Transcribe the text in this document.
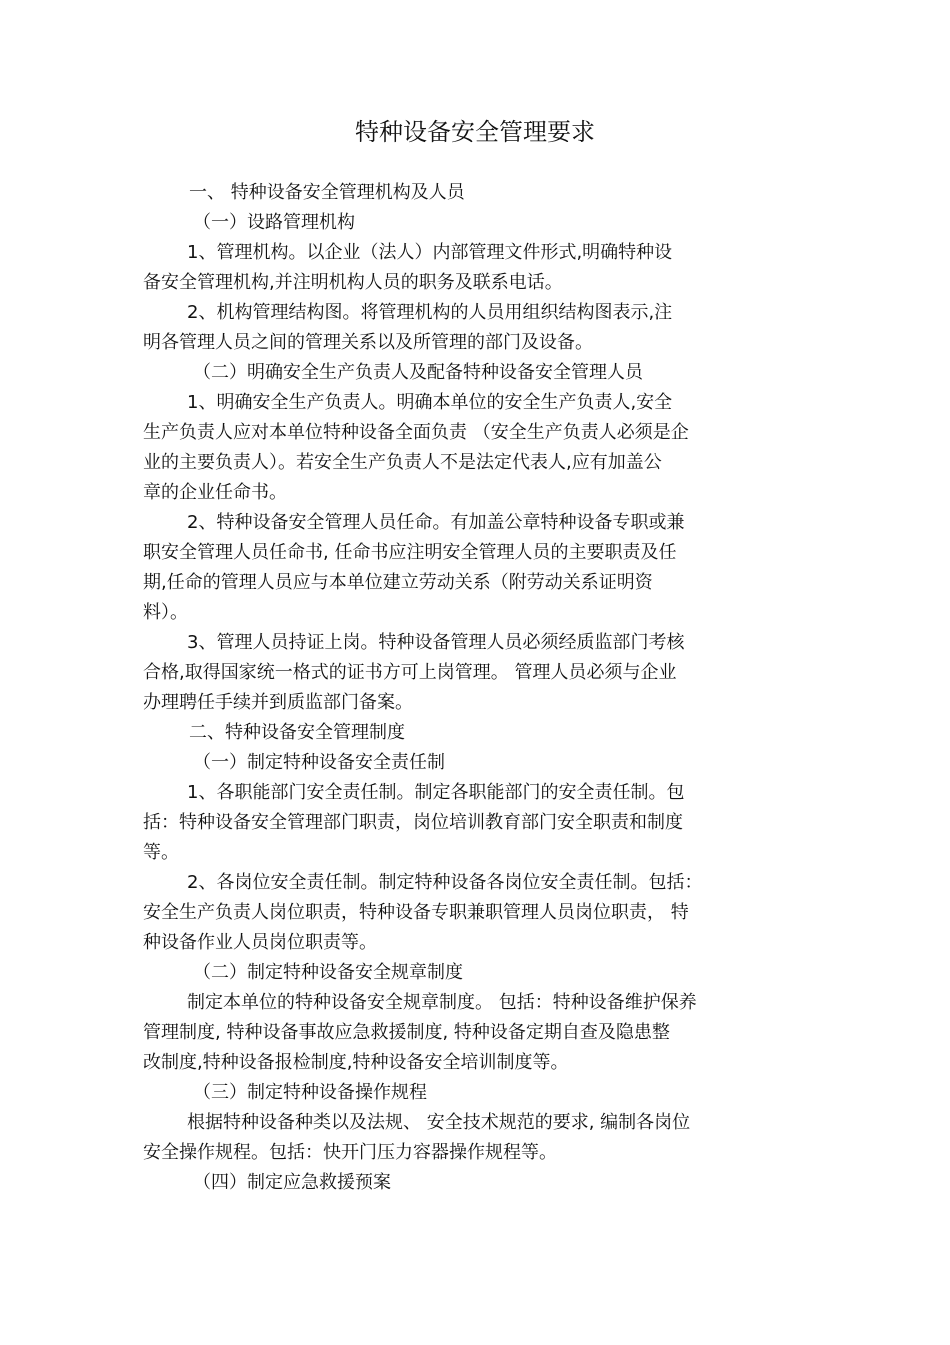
特种设备安全管理要求
一、 特种设备安全管理机构及人员
（一）设路管理机构
1、管理机构。以企业（法人）内部管理文件形式,明确特种设
备安全管理机构,并注明机构人员的职务及联系电话。
2、机构管理结构图。将管理机构的人员用组织结构图表示,注
明各管理人员之间的管理关系以及所管理的部门及设备。
（二）明确安全生产负责人及配备特种设备安全管理人员
1、明确安全生产负责人。明确本单位的安全生产负责人,安全
生产负责人应对本单位特种设备全面负责 （安全生产负责人必须是企
业的主要负责人）。若安全生产负责人不是法定代表人,应有加盖公
章的企业任命书。
2、特种设备安全管理人员任命。有加盖公章特种设备专职或兼
职安全管理人员任命书, 任命书应注明安全管理人员的主要职责及任
期,任命的管理人员应与本单位建立劳动关系（附劳动关系证明资
料）。
3、管理人员持证上岗。特种设备管理人员必须经质监部门考核
合格,取得国家统一格式的证书方可上岗管理。 管理人员必须与企业
办理聘任手续并到质监部门备案。
二、特种设备安全管理制度
（一）制定特种设备安全责任制
1、各职能部门安全责任制。制定各职能部门的安全责任制。包
括：特种设备安全管理部门职责，岗位培训教育部门安全职责和制度
等。
2、各岗位安全责任制。制定特种设备各岗位安全责任制。包括：
安全生产负责人岗位职责，特种设备专职兼职管理人员岗位职责， 特
种设备作业人员岗位职责等。
（二）制定特种设备安全规章制度
制定本单位的特种设备安全规章制度。 包括：特种设备维护保养
管理制度, 特种设备事故应急救援制度, 特种设备定期自查及隐患整
改制度,特种设备报检制度,特种设备安全培训制度等。
（三）制定特种设备操作规程
根据特种设备种类以及法规、 安全技术规范的要求, 编制各岗位
安全操作规程。包括：快开门压力容器操作规程等。
（四）制定应急救援预案
